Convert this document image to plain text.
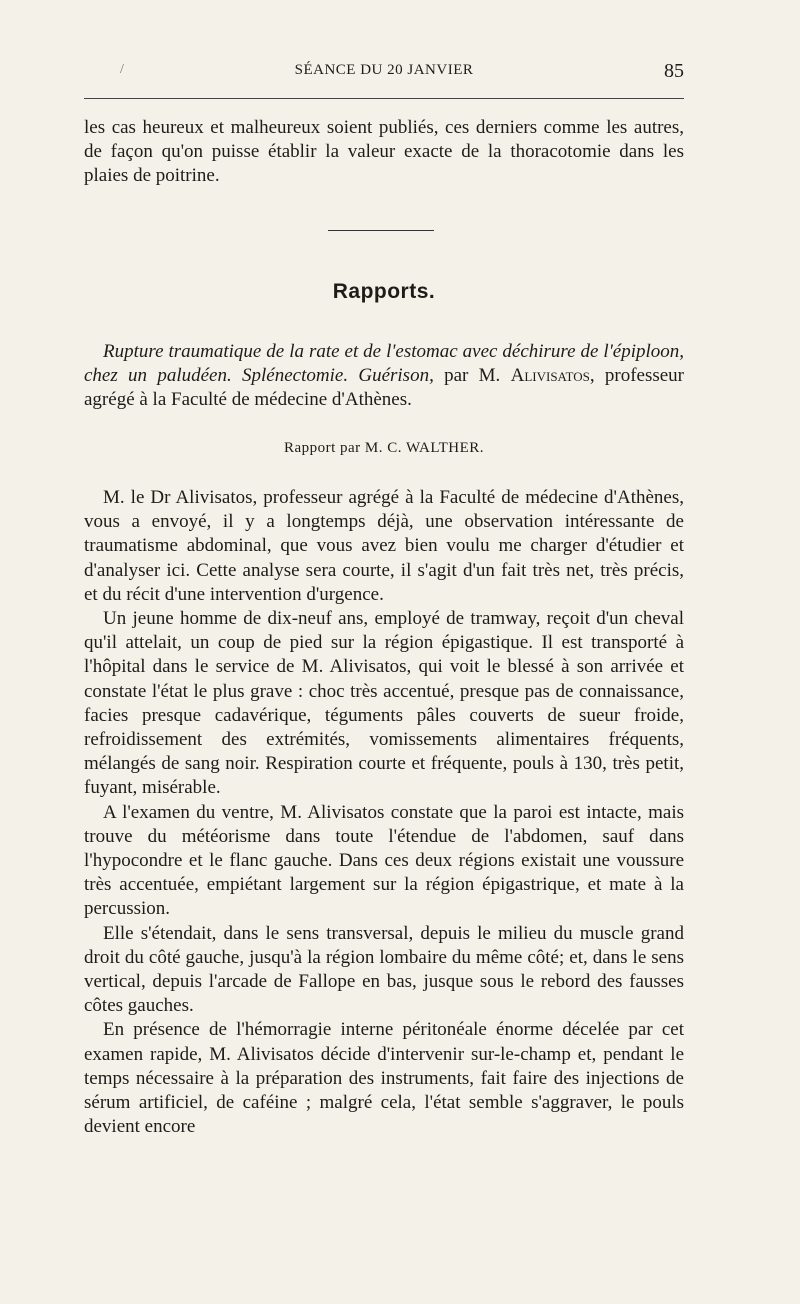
/	SÉANCE DU 20 JANVIER	85

les cas heureux et malheureux soient publiés, ces derniers comme les autres, de façon qu'on puisse établir la valeur exacte de la thoracotomie dans les plaies de poitrine.

Rapports.

Rupture traumatique de la rate et de l'estomac avec déchirure de l'épiploon, chez un paludéen. Splénectomie. Guérison, par M. Alivisatos, professeur agrégé à la Faculté de médecine d'Athènes.

Rapport par M. C. WALTHER.

M. le Dr Alivisatos, professeur agrégé à la Faculté de médecine d'Athènes, vous a envoyé, il y a longtemps déjà, une observation intéressante de traumatisme abdominal, que vous avez bien voulu me charger d'étudier et d'analyser ici. Cette analyse sera courte, il s'agit d'un fait très net, très précis, et du récit d'une intervention d'urgence.

Un jeune homme de dix-neuf ans, employé de tramway, reçoit d'un cheval qu'il attelait, un coup de pied sur la région épigastique. Il est transporté à l'hôpital dans le service de M. Alivisatos, qui voit le blessé à son arrivée et constate l'état le plus grave : choc très accentué, presque pas de connaissance, facies presque cadavérique, téguments pâles couverts de sueur froide, refroidissement des extrémités, vomissements alimentaires fréquents, mélangés de sang noir. Respiration courte et fréquente, pouls à 130, très petit, fuyant, misérable.

A l'examen du ventre, M. Alivisatos constate que la paroi est intacte, mais trouve du météorisme dans toute l'étendue de l'abdomen, sauf dans l'hypocondre et le flanc gauche. Dans ces deux régions existait une voussure très accentuée, empiétant largement sur la région épigastrique, et mate à la percussion.

Elle s'étendait, dans le sens transversal, depuis le milieu du muscle grand droit du côté gauche, jusqu'à la région lombaire du même côté; et, dans le sens vertical, depuis l'arcade de Fallope en bas, jusque sous le rebord des fausses côtes gauches.

En présence de l'hémorragie interne péritonéale énorme décelée par cet examen rapide, M. Alivisatos décide d'intervenir sur-le-champ et, pendant le temps nécessaire à la préparation des instruments, fait faire des injections de sérum artificiel, de caféine ; malgré cela, l'état semble s'aggraver, le pouls devient encore
